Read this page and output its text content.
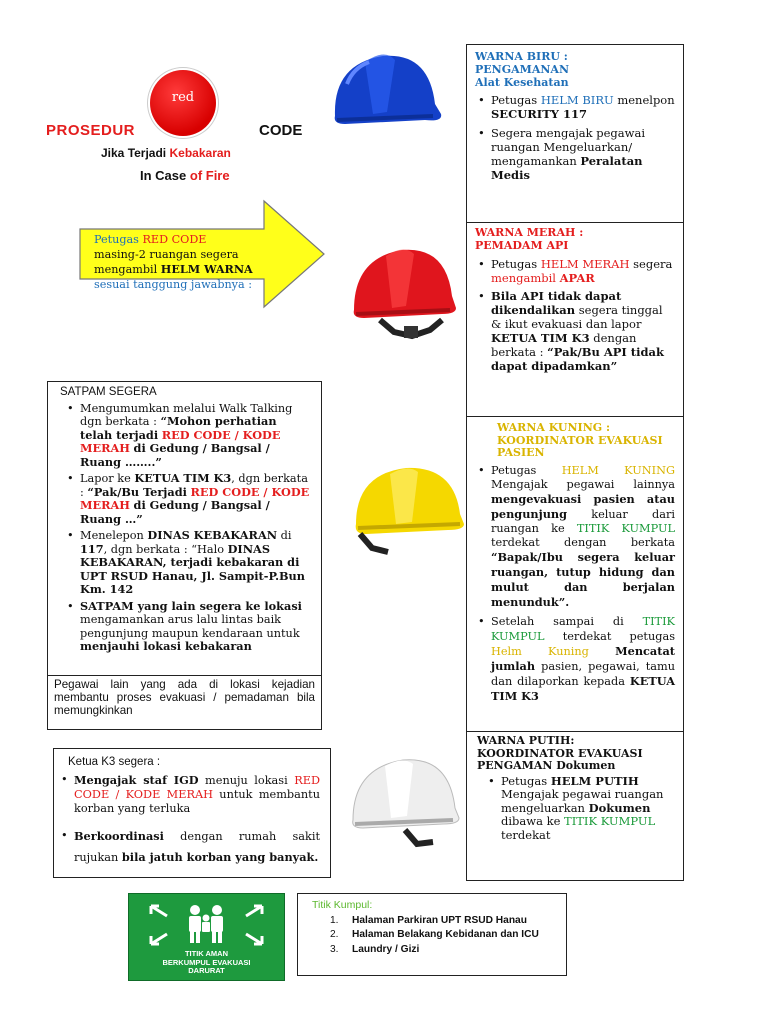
red
PROSEDUR	CODE
Jika Terjadi Kebakaran
In Case of Fire
Petugas RED CODE
masing-2 ruangan segera
mengambil HELM WARNA
sesuai tanggung jawabnya :
WARNA BIRU :
PENGAMANAN
Alat Kesehatan
• Petugas HELM BIRU menelpon SECURITY 117
• Segera mengajak pegawai ruangan Mengeluarkan/ mengamankan Peralatan Medis
WARNA MERAH :
PEMADAM API
• Petugas HELM MERAH segera mengambil APAR
• Bila API tidak dapat dikendalikan segera tinggal & ikut evakuasi dan lapor KETUA TIM K3 dengan berkata : “Pak/Bu API tidak dapat dipadamkan”
WARNA KUNING :
KOORDINATOR EVAKUASI PASIEN
• Petugas HELM KUNING Mengajak pegawai lainnya mengevakuasi pasien atau pengunjung keluar dari ruangan ke TITIK KUMPUL terdekat dengan berkata “Bapak/Ibu segera keluar ruangan, tutup hidung dan mulut dan berjalan menunduk”.
• Setelah sampai di TITIK KUMPUL terdekat petugas Helm Kuning Mencatat jumlah pasien, pegawai, tamu dan dilaporkan kepada KETUA TIM K3
WARNA PUTIH:
KOORDINATOR EVAKUASI
PENGAMAN Dokumen
• Petugas HELM PUTIH Mengajak pegawai ruangan mengeluarkan Dokumen dibawa ke TITIK KUMPUL terdekat
SATPAM SEGERA
• Mengumumkan melalui Walk Talking dgn berkata : “Mohon perhatian telah terjadi RED CODE / KODE MERAH di Gedung / Bangsal / Ruang ……..”
• Lapor ke KETUA TIM K3, dgn berkata : “Pak/Bu Terjadi RED CODE / KODE MERAH di Gedung / Bangsal / Ruang …”
• Menelepon DINAS KEBAKARAN di 117, dgn berkata : “Halo DINAS KEBAKARAN, terjadi kebakaran di UPT RSUD Hanau, Jl. Sampit-P.Bun Km. 142
• SATPAM yang lain segera ke lokasi mengamankan arus lalu lintas baik pengunjung maupun kendaraan untuk menjauhi lokasi kebakaran
Pegawai lain yang ada di lokasi kejadian membantu proses evakuasi / pemadaman bila memungkinkan
Ketua K3 segera :
• Mengajak staf IGD menuju lokasi RED CODE / KODE MERAH untuk membantu korban yang terluka
• Berkoordinasi dengan rumah sakit rujukan bila jatuh korban yang banyak.
TITIK AMAN
BERKUMPUL EVAKUASI
DARURAT
Titik Kumpul:
1.	Halaman Parkiran UPT RSUD Hanau
2.	Halaman Belakang Kebidanan dan ICU
3.	Laundry / Gizi
